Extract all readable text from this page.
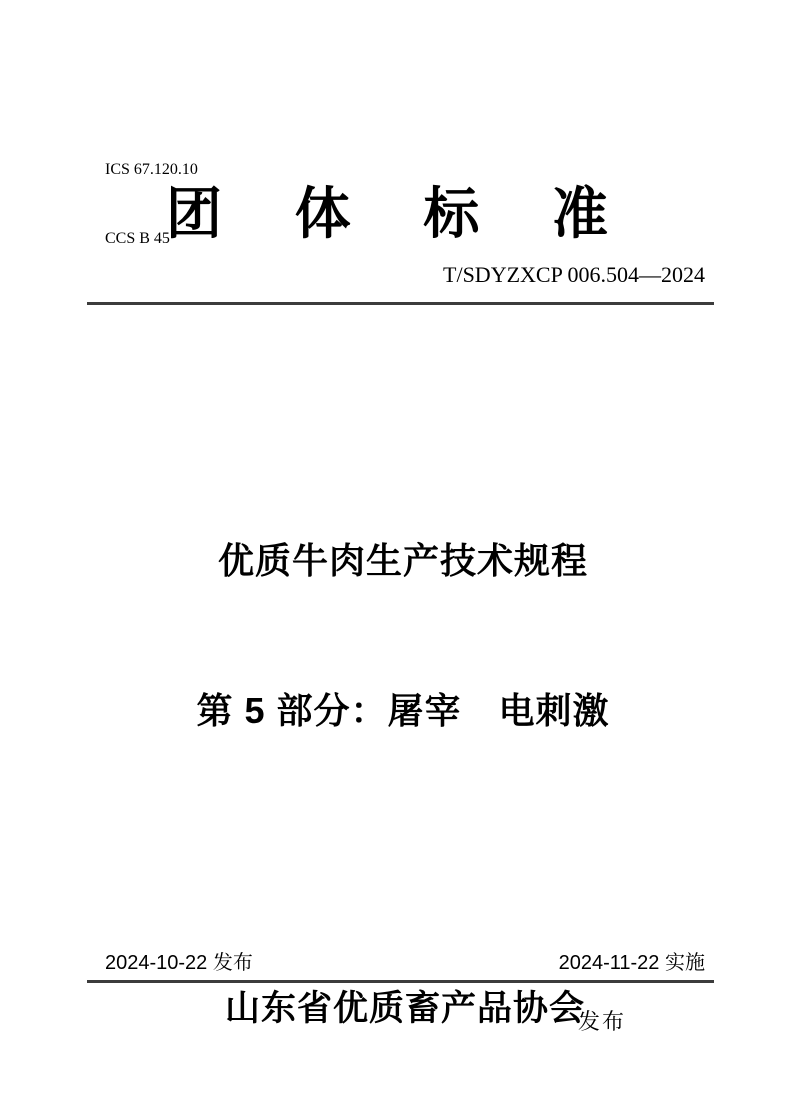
ICS 67.120.10

CCS B 45

团 体 标 准
T/SDYZXCP 006.504—2024

优质牛肉生产技术规程

第 5 部分：屠宰　电刺激

2024-10-22 发布	2024-11-22 实施
山东省优质畜产品协会
发布
